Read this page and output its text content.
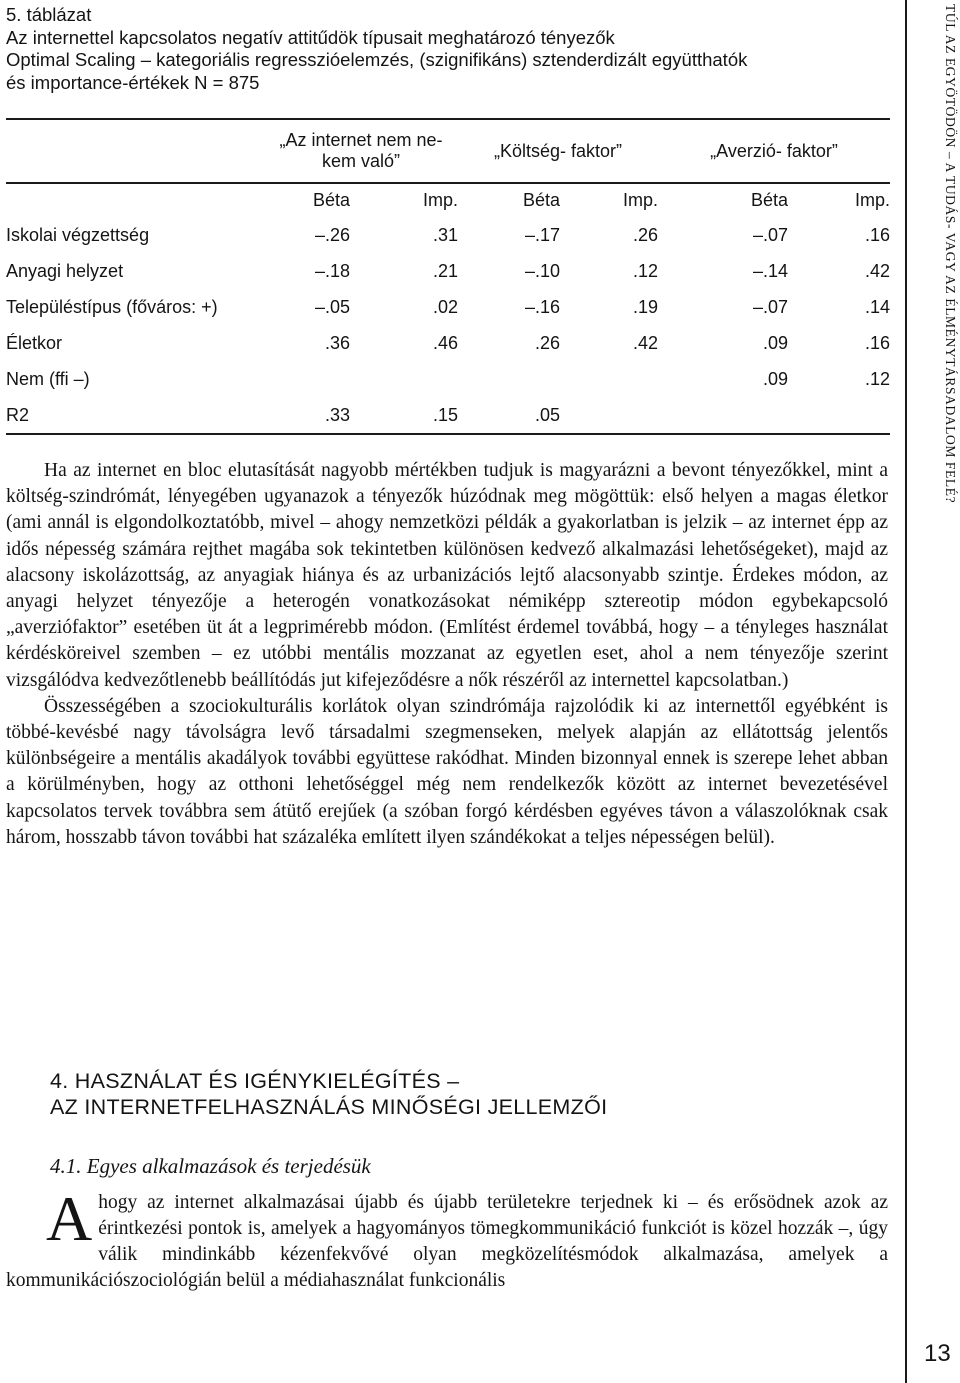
5. táblázat
Az internettel kapcsolatos negatív attitűdök típusait meghatározó tényezők
Optimal Scaling – kategoriális regresszióelemzés, (szignifikáns) sztenderdizált együtthatók
és importance-értékek N = 875

	„Az internet nem ne-kem való”		„Költség- faktor”		„Averzió- faktor”	
	Béta	Imp.	Béta	Imp.	Béta	Imp.
Iskolai végzettség	–.26	.31	–.17	.26	–.07	.16
Anyagi helyzet	–.18	.21	–.10	.12	–.14	.42
Településtípus (főváros: +)	–.05	.02	–.16	.19	–.07	.14
Életkor	.36	.46	.26	.42	.09	.16
Nem (ffi –)					.09	.12
R2	.33	.15	.05			

Ha az internet en bloc elutasítását nagyobb mértékben tudjuk is magyarázni a bevont tényezőkkel, mint a költség-szindrómát, lényegében ugyanazok a tényezők húzódnak meg mögöttük: első helyen a magas életkor (ami annál is elgondolkoztatóbb, mivel – ahogy nemzetközi példák a gyakorlatban is jelzik – az internet épp az idős népesség számára rejthet magába sok tekintetben különösen kedvező alkalmazási lehetőségeket), majd az alacsony iskolázottság, az anyagiak hiánya és az urbanizációs lejtő alacsonyabb szintje. Érdekes módon, az anyagi helyzet tényezője a heterogén vonatkozásokat némiképp sztereotip módon egybekapcsoló „averziófaktor” esetében üt át a legprimérebb módon. (Említést érdemel továbbá, hogy – a tényleges használat kérdésköreivel szemben – ez utóbbi mentális mozzanat az egyetlen eset, ahol a nem tényezője szerint vizsgálódva kedvezőtlenebb beállítódás jut kifejeződésre a nők részéről az internettel kapcsolatban.)

Összességében a szociokulturális korlátok olyan szindrómája rajzolódik ki az internettől egyébként is többé-kevésbé nagy távolságra levő társadalmi szegmenseken, melyek alapján az ellátottság jelentős különbségeire a mentális akadályok további együttese rakódhat. Minden bizonnyal ennek is szerepe lehet abban a körülményben, hogy az otthoni lehetőséggel még nem rendelkezők között az internet bevezetésével kapcsolatos tervek továbbra sem átütő erejűek (a szóban forgó kérdésben egyéves távon a válaszolóknak csak három, hosszabb távon további hat százaléka említett ilyen szándékokat a teljes népességen belül).

4. HASZNÁLAT ÉS IGÉNYKIELÉGÍTÉS –
AZ INTERNETFELHASZNÁLÁS MINŐSÉGI JELLEMZŐI
4.1. Egyes alkalmazások és terjedésük
A hogy az internet alkalmazásai újabb és újabb területekre terjednek ki – és erősödnek azok az érintkezési pontok is, amelyek a hagyományos tömegkommunikáció funkciót is közel hozzák –, úgy válik mindinkább kézenfekvővé olyan megközelítésmódok alkalmazása, amelyek a kommunikációszociológián belül a médiahasználat funkcionális
TÚL AZ EGYÖTÖDÖN – A TUDÁS- VAGY AZ ÉLMÉNYTÁRSADALOM FELÉ?
13
